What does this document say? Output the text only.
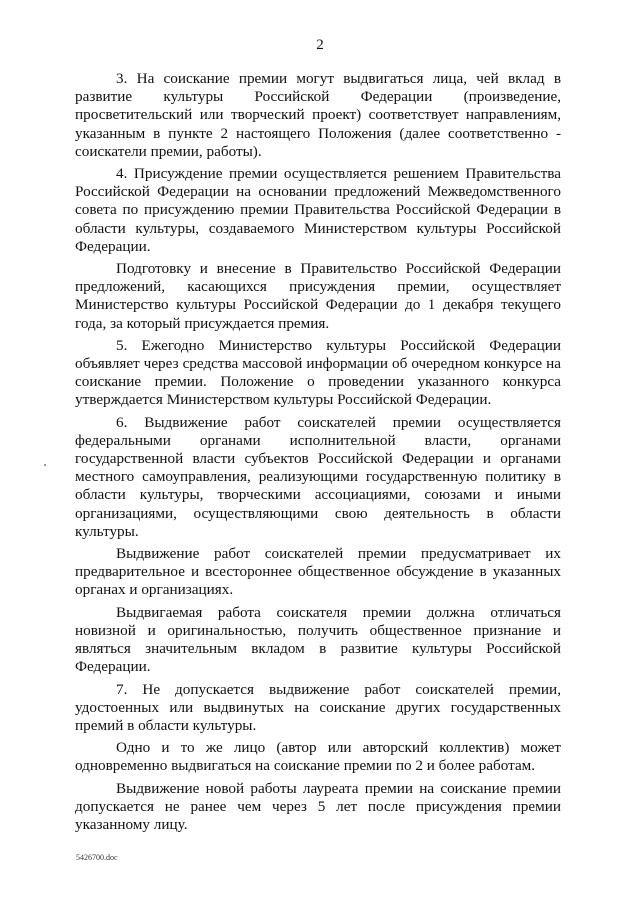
2

3. На соискание премии могут выдвигаться лица, чей вклад в развитие культуры Российской Федерации (произведение, просветительский или творческий проект) соответствует направлениям, указанным в пункте 2 настоящего Положения (далее соответственно - соискатели премии, работы).

4. Присуждение премии осуществляется решением Правительства Российской Федерации на основании предложений Межведомственного совета по присуждению премии Правительства Российской Федерации в области культуры, создаваемого Министерством культуры Российской Федерации.

Подготовку и внесение в Правительство Российской Федерации предложений, касающихся присуждения премии, осуществляет Министерство культуры Российской Федерации до 1 декабря текущего года, за который присуждается премия.

5. Ежегодно Министерство культуры Российской Федерации объявляет через средства массовой информации об очередном конкурсе на соискание премии. Положение о проведении указанного конкурса утверждается Министерством культуры Российской Федерации.

6. Выдвижение работ соискателей премии осуществляется федеральными органами исполнительной власти, органами государственной власти субъектов Российской Федерации и органами местного самоуправления, реализующими государственную политику в области культуры, творческими ассоциациями, союзами и иными организациями, осуществляющими свою деятельность в области культуры.

Выдвижение работ соискателей премии предусматривает их предварительное и всестороннее общественное обсуждение в указанных органах и организациях.

Выдвигаемая работа соискателя премии должна отличаться новизной и оригинальностью, получить общественное признание и являться значительным вкладом в развитие культуры Российской Федерации.

7. Не допускается выдвижение работ соискателей премии, удостоенных или выдвинутых на соискание других государственных премий в области культуры.

Одно и то же лицо (автор или авторский коллектив) может одновременно выдвигаться на соискание премии по 2 и более работам.

Выдвижение новой работы лауреата премии на соискание премии допускается не ранее чем через 5 лет после присуждения премии указанному лицу.

5426700.doc
